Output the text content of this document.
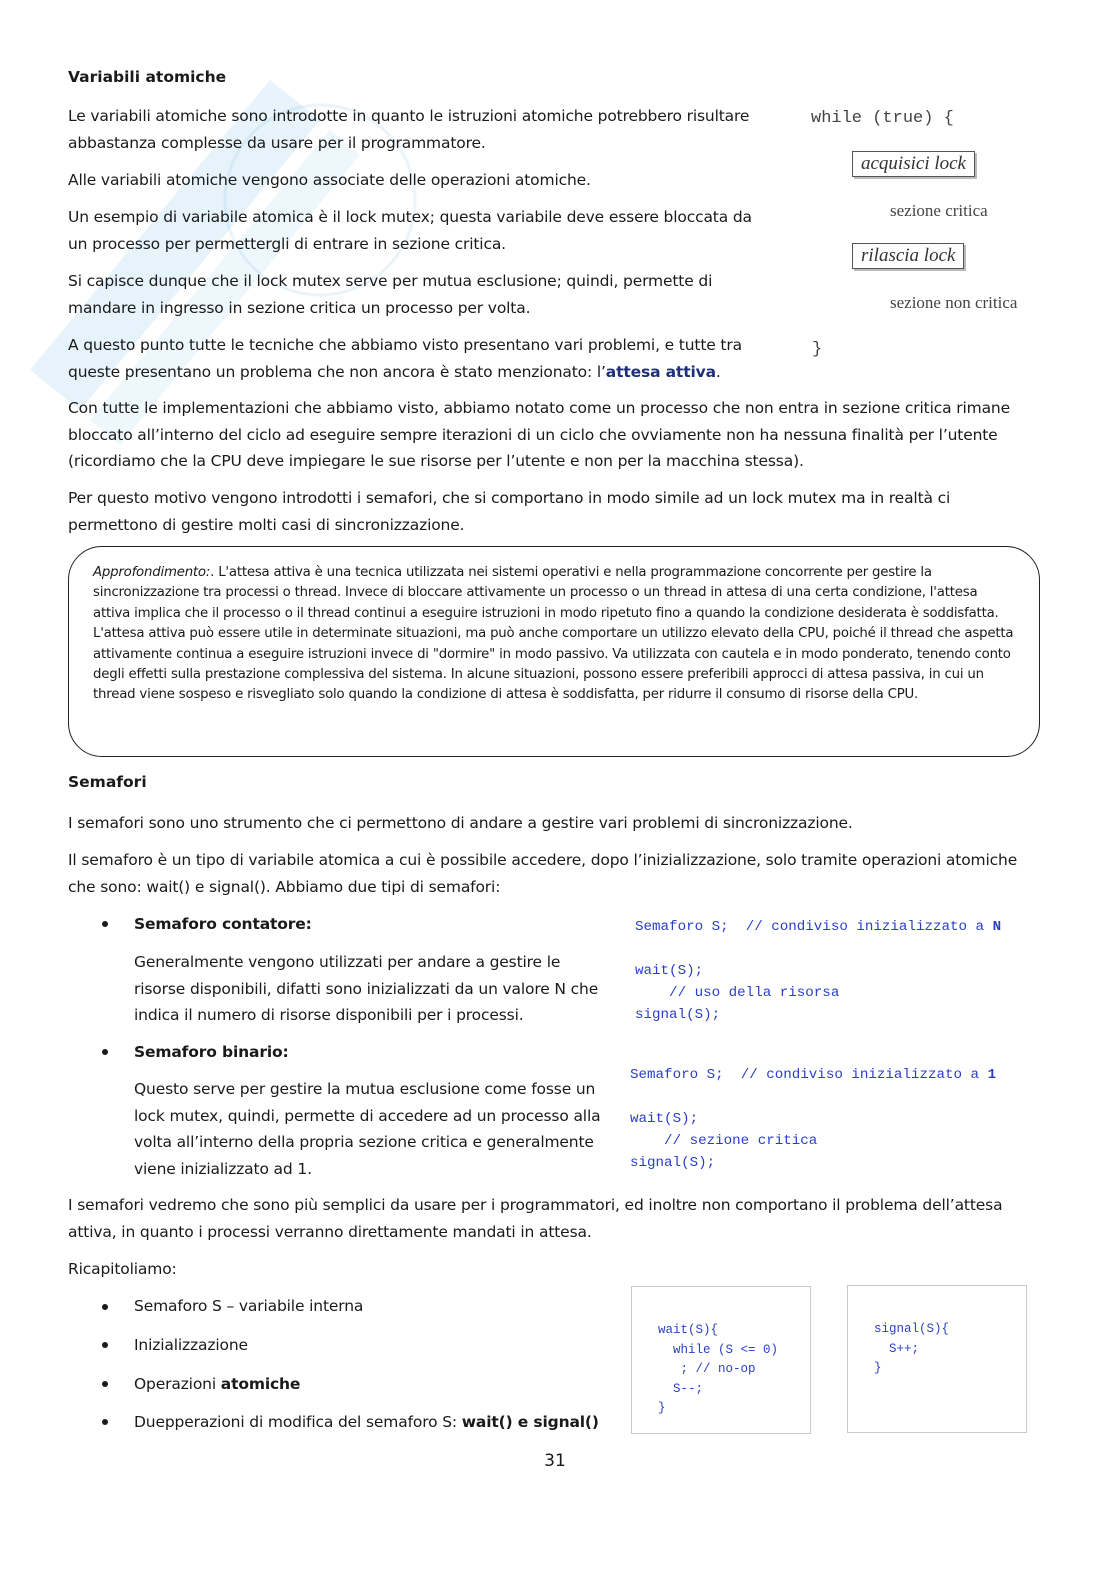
Variabili atomiche

Le variabili atomiche sono introdotte in quanto le istruzioni atomiche potrebbero risultare abbastanza complesse da usare per il programmatore.

Alle variabili atomiche vengono associate delle operazioni atomiche.

Un esempio di variabile atomica è il lock mutex; questa variabile deve essere bloccata da un processo per permettergli di entrare in sezione critica.

Si capisce dunque che il lock mutex serve per mutua esclusione; quindi, permette di mandare in ingresso in sezione critica un processo per volta.

A questo punto tutte le tecniche che abbiamo visto presentano vari problemi, e tutte tra queste presentano un problema che non ancora è stato menzionato: l’attesa attiva.

Con tutte le implementazioni che abbiamo visto, abbiamo notato come un processo che non entra in sezione critica rimane bloccato all’interno del ciclo ad eseguire sempre iterazioni di un ciclo che ovviamente non ha nessuna finalità per l’utente (ricordiamo che la CPU deve impiegare le sue risorse per l’utente e non per la macchina stessa).

Per questo motivo vengono introdotti i semafori, che si comportano in modo simile ad un lock mutex ma in realtà ci permettono di gestire molti casi di sincronizzazione.

while (true) {
acquisici lock
sezione critica
rilascia lock
sezione non critica
}

Approfondimento:. L'attesa attiva è una tecnica utilizzata nei sistemi operativi e nella programmazione concorrente per gestire la sincronizzazione tra processi o thread. Invece di bloccare attivamente un processo o un thread in attesa di una certa condizione, l'attesa attiva implica che il processo o il thread continui a eseguire istruzioni in modo ripetuto fino a quando la condizione desiderata è soddisfatta.

L'attesa attiva può essere utile in determinate situazioni, ma può anche comportare un utilizzo elevato della CPU, poiché il thread che aspetta attivamente continua a eseguire istruzioni invece di "dormire" in modo passivo. Va utilizzata con cautela e in modo ponderato, tenendo conto degli effetti sulla prestazione complessiva del sistema. In alcune situazioni, possono essere preferibili approcci di attesa passiva, in cui un thread viene sospeso e risvegliato solo quando la condizione di attesa è soddisfatta, per ridurre il consumo di risorse della CPU.

Semafori

I semafori sono uno strumento che ci permettono di andare a gestire vari problemi di sincronizzazione.

Il semaforo è un tipo di variabile atomica a cui è possibile accedere, dopo l’inizializzazione, solo tramite operazioni atomiche che sono: wait() e signal(). Abbiamo due tipi di semafori:

Semaforo contatore:

Generalmente vengono utilizzati per andare a gestire le risorse disponibili, difatti sono inizializzati da un valore N che indica il numero di risorse disponibili per i processi.

Semaforo binario:

Questo serve per gestire la mutua esclusione come fosse un lock mutex, quindi, permette di accedere ad un processo alla volta all’interno della propria sezione critica e generalmente viene inizializzato ad 1.

Semaforo S; // condiviso inizializzato a N

wait(S);
// uso della risorsa
signal(S);
Semaforo S; // condiviso inizializzato a 1

wait(S);
// sezione critica
signal(S);

I semafori vedremo che sono più semplici da usare per i programmatori, ed inoltre non comportano il problema dell’attesa attiva, in quanto i processi verranno direttamente mandati in attesa.

Ricapitoliamo:

Semaforo S – variabile interna

Inizializzazione

Operazioni atomiche

Duepperazioni di modifica del semaforo S: wait() e signal()

wait(S){
while (S <= 0)
; // no-op
S--;
}
signal(S){
S++;
}
31
